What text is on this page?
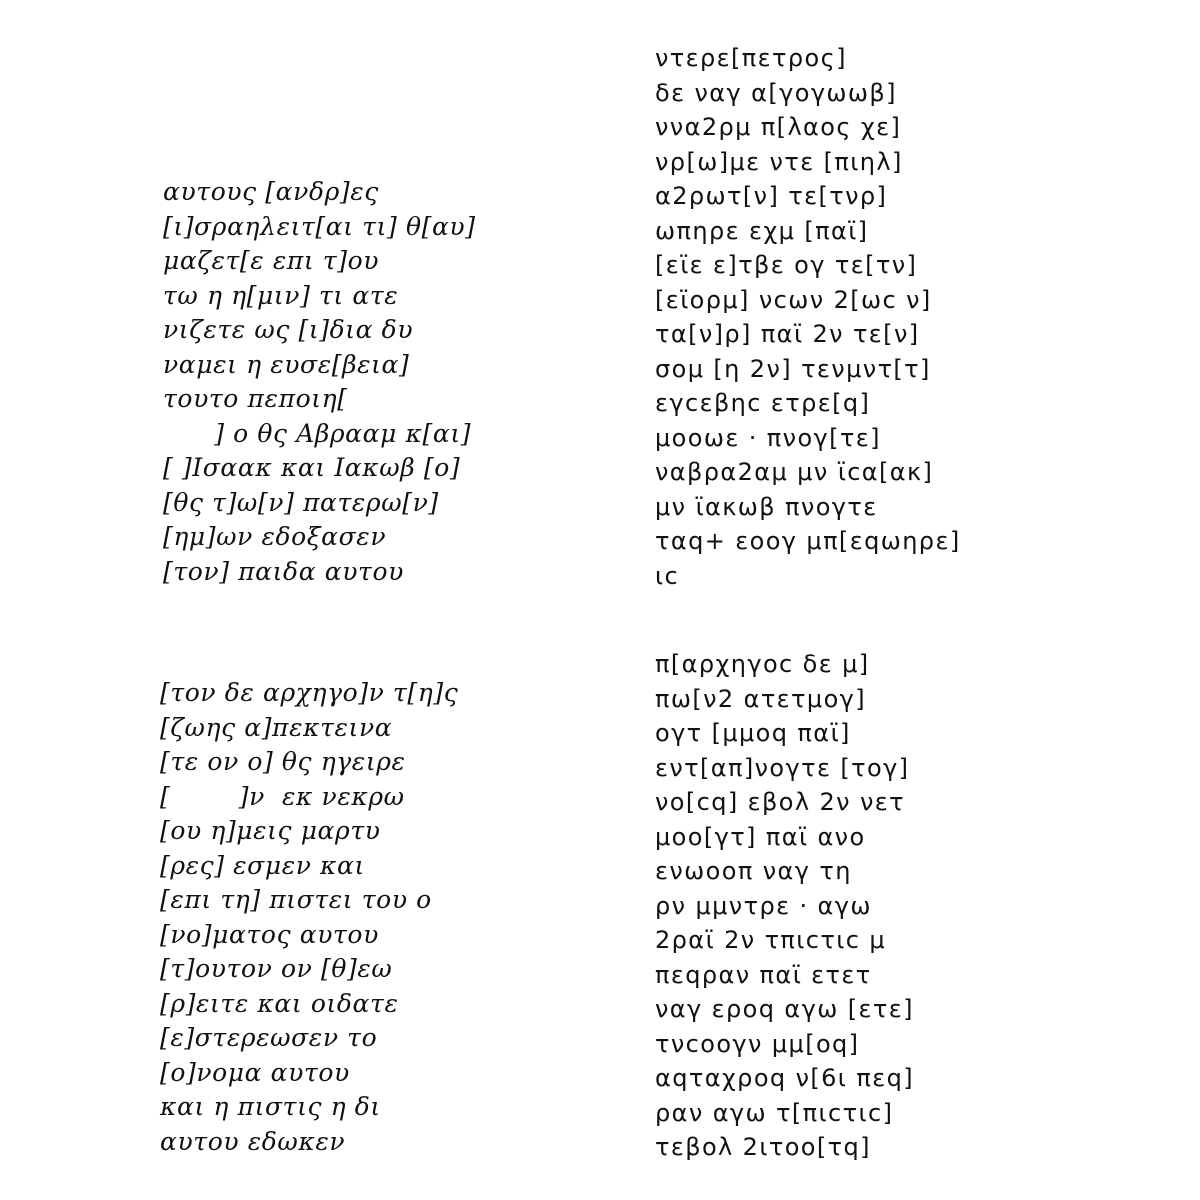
αυτους [ανδρ]ες
[ι]σραηλειτ[αι τι] θ[αυ]
μαζετ[ε επι τ]ου
τω η η[μιν] τι ατε
νιζετε ως [ι]δια δυ
ναμει η ευσε[βεια]
τουτο πεποιη[
] ο θς Αβρααμ κ[αι]
[ ]Ισαακ και Ιακωβ [ο]
[θς τ]ω[ν] πατερω[ν]
[ημ]ων εδοξασεν
[τον] παιδα αυτου
ντερε[πετρος]
δε ναγ α[γογωωβ]
ννα2ρμ π[λαος χε]
νρ[ω]με ντε [πιηλ]
α2ρωτ[ν] τε[τνρ]
ωπηρε εχμ [παϊ]
[εϊε ε]τβε ογ τε[τν]
[εϊορμ] νcων 2[ωc ν]
τα[ν]ρ] παϊ 2ν τε[ν]
σομ [η 2ν] τενμντ[τ]
εγcεβηc ετρε[q]
μοοωε · πνογ[τε]
ναβρα2αμ μν ϊcα[ακ]
μν ϊακωβ πνογτε
ταq+ εοογ μπ[εqωηρε]
ιc
[τον δε αρχηγο]ν τ[η]ς
[ζωης α]πεκτεινα
[τε ον ο] θς ηγειρε
[        ]ν  εκ νεκρω
[ου η]μεις μαρτυ
[ρες] εσμεν και
[επι τη] πιστει του ο
[νο]ματος αυτου
[τ]ουτον ον [θ]εω
[ρ]ειτε και οιδατε
[ε]στερεωσεν το
[ο]νομα αυτου
και η πιστις η δι
αυτου εδωκεν
π[αρχηγοc δε μ]
πω[ν2 ατετμογ]
ογτ [μμοq παϊ]
εντ[απ]νογτε [τογ]
νο[cq] εβολ 2ν νετ
μοο[γτ] παϊ ανο
ενωοοπ ναγ τη
ρν μμντρε · αγω
2ραϊ 2ν τπιcτιc μ
πεqραν παϊ ετετ
ναγ εροq αγω [ετε]
τνcοογν μμ[οq]
αqταχροq ν[6ι πεq]
ραν αγω τ[πιcτιc]
τεβολ 2ιτοο[τq]
